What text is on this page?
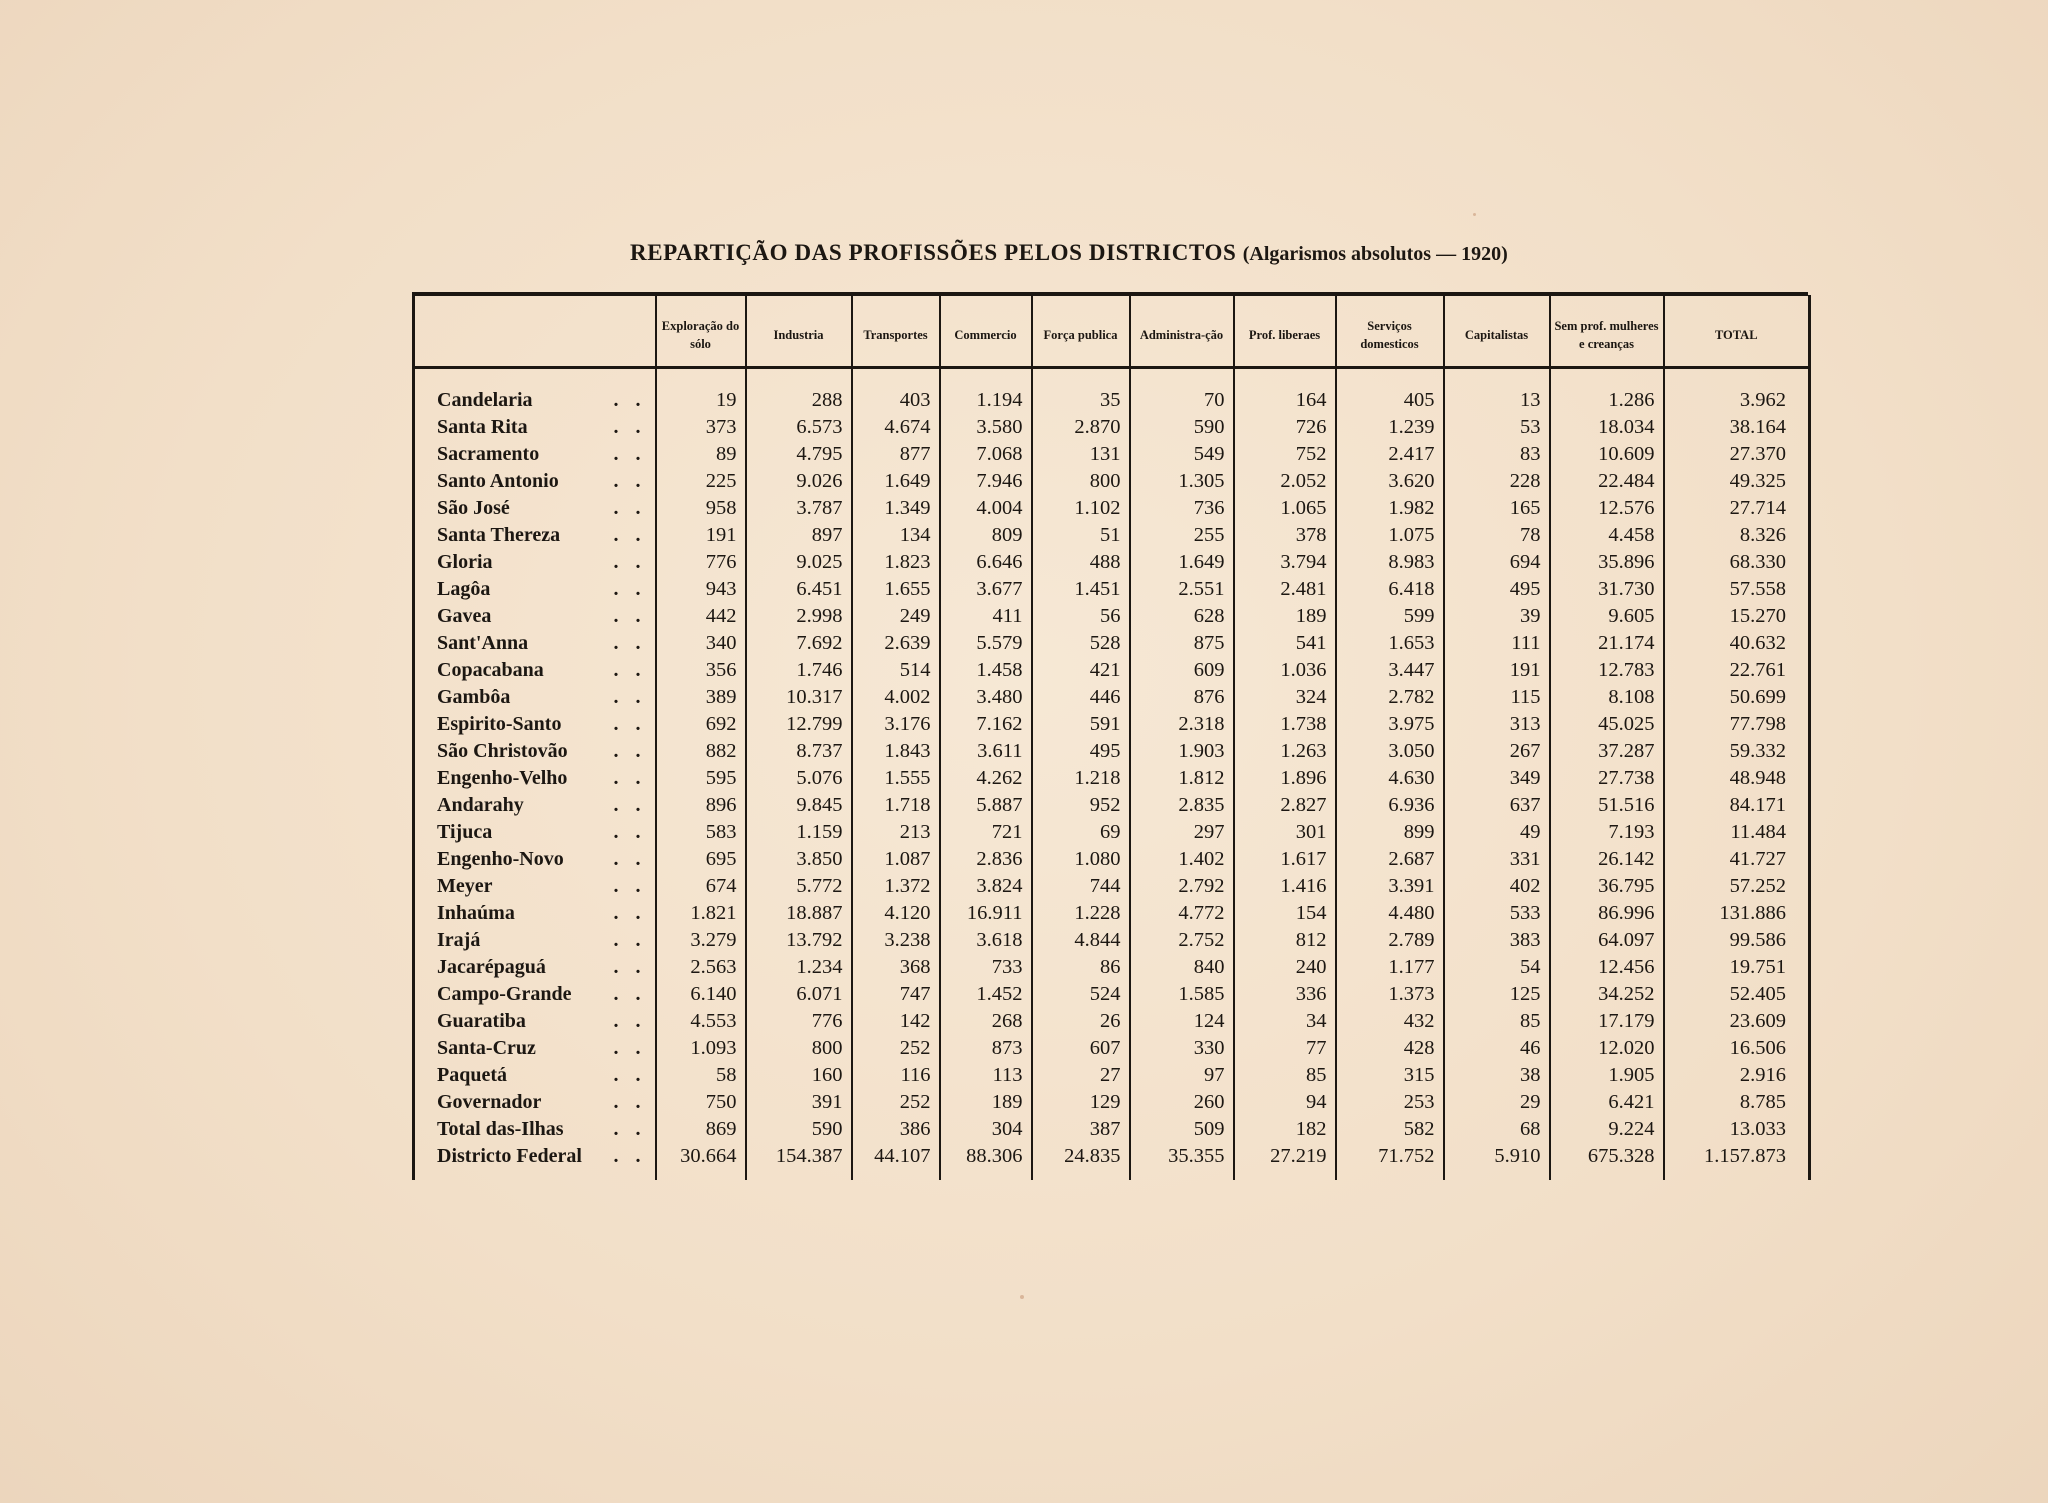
REPARTIÇÃO DAS PROFISSÕES PELOS DISTRICTOS (Algarismos absolutos — 1920)
	Exploração do sólo	Industria	Transportes	Commercio	Força publica	Administra-ção	Prof. liberaes	Serviços domesticos	Capitalistas	Sem prof. mulheres e creanças	TOTAL

Candelaria . .	19	288	403	1.194	35	70	164	405	13	1.286	3.962
Santa Rita . .	373	6.573	4.674	3.580	2.870	590	726	1.239	53	18.034	38.164
Sacramento . .	89	4.795	877	7.068	131	549	752	2.417	83	10.609	27.370
Santo Antonio . .	225	9.026	1.649	7.946	800	1.305	2.052	3.620	228	22.484	49.325
São José . .	958	3.787	1.349	4.004	1.102	736	1.065	1.982	165	12.576	27.714
Santa Thereza . .	191	897	134	809	51	255	378	1.075	78	4.458	8.326
Gloria . .	776	9.025	1.823	6.646	488	1.649	3.794	8.983	694	35.896	68.330
Lagôa . .	943	6.451	1.655	3.677	1.451	2.551	2.481	6.418	495	31.730	57.558
Gavea . .	442	2.998	249	411	56	628	189	599	39	9.605	15.270
Sant'Anna . .	340	7.692	2.639	5.579	528	875	541	1.653	111	21.174	40.632
Copacabana . .	356	1.746	514	1.458	421	609	1.036	3.447	191	12.783	22.761
Gambôa . .	389	10.317	4.002	3.480	446	876	324	2.782	115	8.108	50.699
Espirito-Santo . .	692	12.799	3.176	7.162	591	2.318	1.738	3.975	313	45.025	77.798
São Christovão . .	882	8.737	1.843	3.611	495	1.903	1.263	3.050	267	37.287	59.332
Engenho-Velho . .	595	5.076	1.555	4.262	1.218	1.812	1.896	4.630	349	27.738	48.948
Andarahy . .	896	9.845	1.718	5.887	952	2.835	2.827	6.936	637	51.516	84.171
Tijuca . .	583	1.159	213	721	69	297	301	899	49	7.193	11.484
Engenho-Novo . .	695	3.850	1.087	2.836	1.080	1.402	1.617	2.687	331	26.142	41.727
Meyer . .	674	5.772	1.372	3.824	744	2.792	1.416	3.391	402	36.795	57.252
Inhaúma . .	1.821	18.887	4.120	16.911	1.228	4.772	154	4.480	533	86.996	131.886
Irajá . .	3.279	13.792	3.238	3.618	4.844	2.752	812	2.789	383	64.097	99.586
Jacarépaguá . .	2.563	1.234	368	733	86	840	240	1.177	54	12.456	19.751
Campo-Grande . .	6.140	6.071	747	1.452	524	1.585	336	1.373	125	34.252	52.405
Guaratiba . .	4.553	776	142	268	26	124	34	432	85	17.179	23.609
Santa-Cruz . .	1.093	800	252	873	607	330	77	428	46	12.020	16.506
Paquetá . .	58	160	116	113	27	97	85	315	38	1.905	2.916
Governador . .	750	391	252	189	129	260	94	253	29	6.421	8.785
Total das-Ilhas . .	869	590	386	304	387	509	182	582	68	9.224	13.033
Districto Federal . .	30.664	154.387	44.107	88.306	24.835	35.355	27.219	71.752	5.910	675.328	1.157.873
